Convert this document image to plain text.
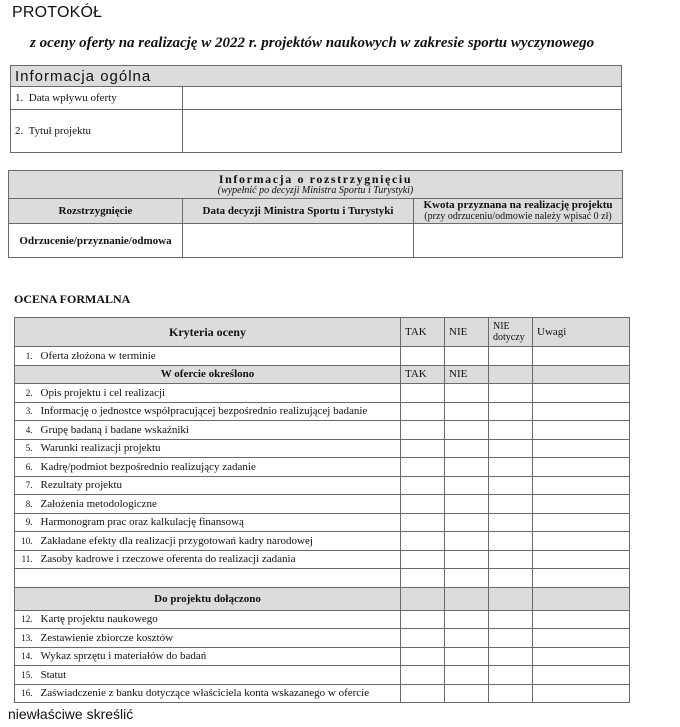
PROTOKÓŁ
z oceny oferty na realizację w 2022 r. projektów naukowych w zakresie sportu wyczynowego
Informacja ogólna	
1. Data wpływu oferty	
2. Tytuł projektu	
Informacja o rozstrzygnięciu
(wypełnić po decyzji Ministra Sportu i Turystyki)		

Rozstrzygnięcie	Data decyzji Ministra Sportu i Turystyki	Kwota przyznana na realizację projektu
(przy odrzuceniu/odmowie należy wpisać 0 zł)

Odrzucenie/przyznanie/odmowa		
OCENA FORMALNA
Kryteria oceny		TAK	NIE	NIE dotyczy	Uwagi
1.	Oferta złożona w terminie				
W ofercie określono		TAK	NIE		
2.	Opis projektu i cel realizacji				
3.	Informację o jednostce współpracującej bezpośrednio realizującej badanie				
4.	Grupę badaną i badane wskaźniki				
5.	Warunki realizacji projektu				
6.	Kadrę/podmiot bezpośrednio realizujący zadanie				
7.	Rezultaty projektu				
8.	Założenia metodologiczne				
9.	Harmonogram prac oraz kalkulację finansową				
10.	Zakładane efekty dla realizacji przygotowań kadry narodowej				
11.	Zasoby kadrowe i rzeczowe oferenta do realizacji zadania				

Do projektu dołączono					
12.	Kartę projektu naukowego				
13.	Zestawienie zbiorcze kosztów				
14.	Wykaz sprzętu i materiałów do badań				
15.	Statut				
16.	Zaświadczenie z banku dotyczące właściciela konta wskazanego w ofercie				
niewłaściwe skreślić
